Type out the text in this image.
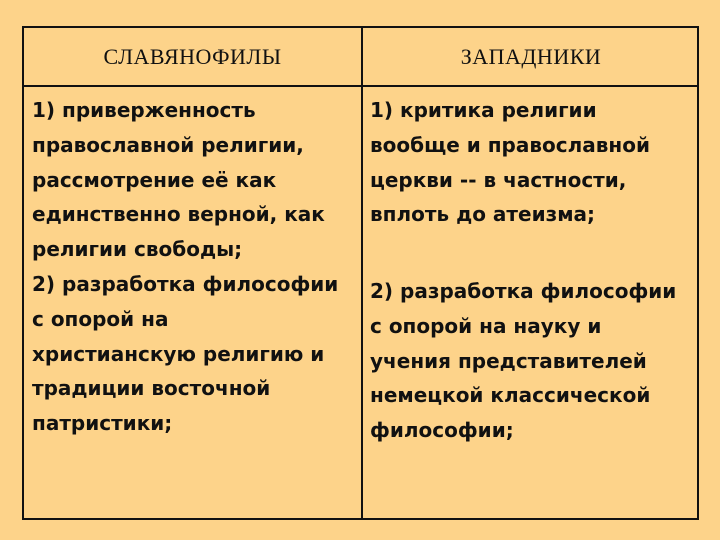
СЛАВЯНОФИЛЫ	ЗАПАДНИКИ
1) приверженность
православной религии,
рассмотрение её как
единственно верной, как
религии свободы;
2) разработка философии
с опорой на
христианскую религию и
традиции восточной
патристики;
1) критика религии
вообще и православной
церкви -- в частности,
вплоть до атеизма;
2) разработка философии
с опорой на науку и
учения представителей
немецкой классической
философии;
